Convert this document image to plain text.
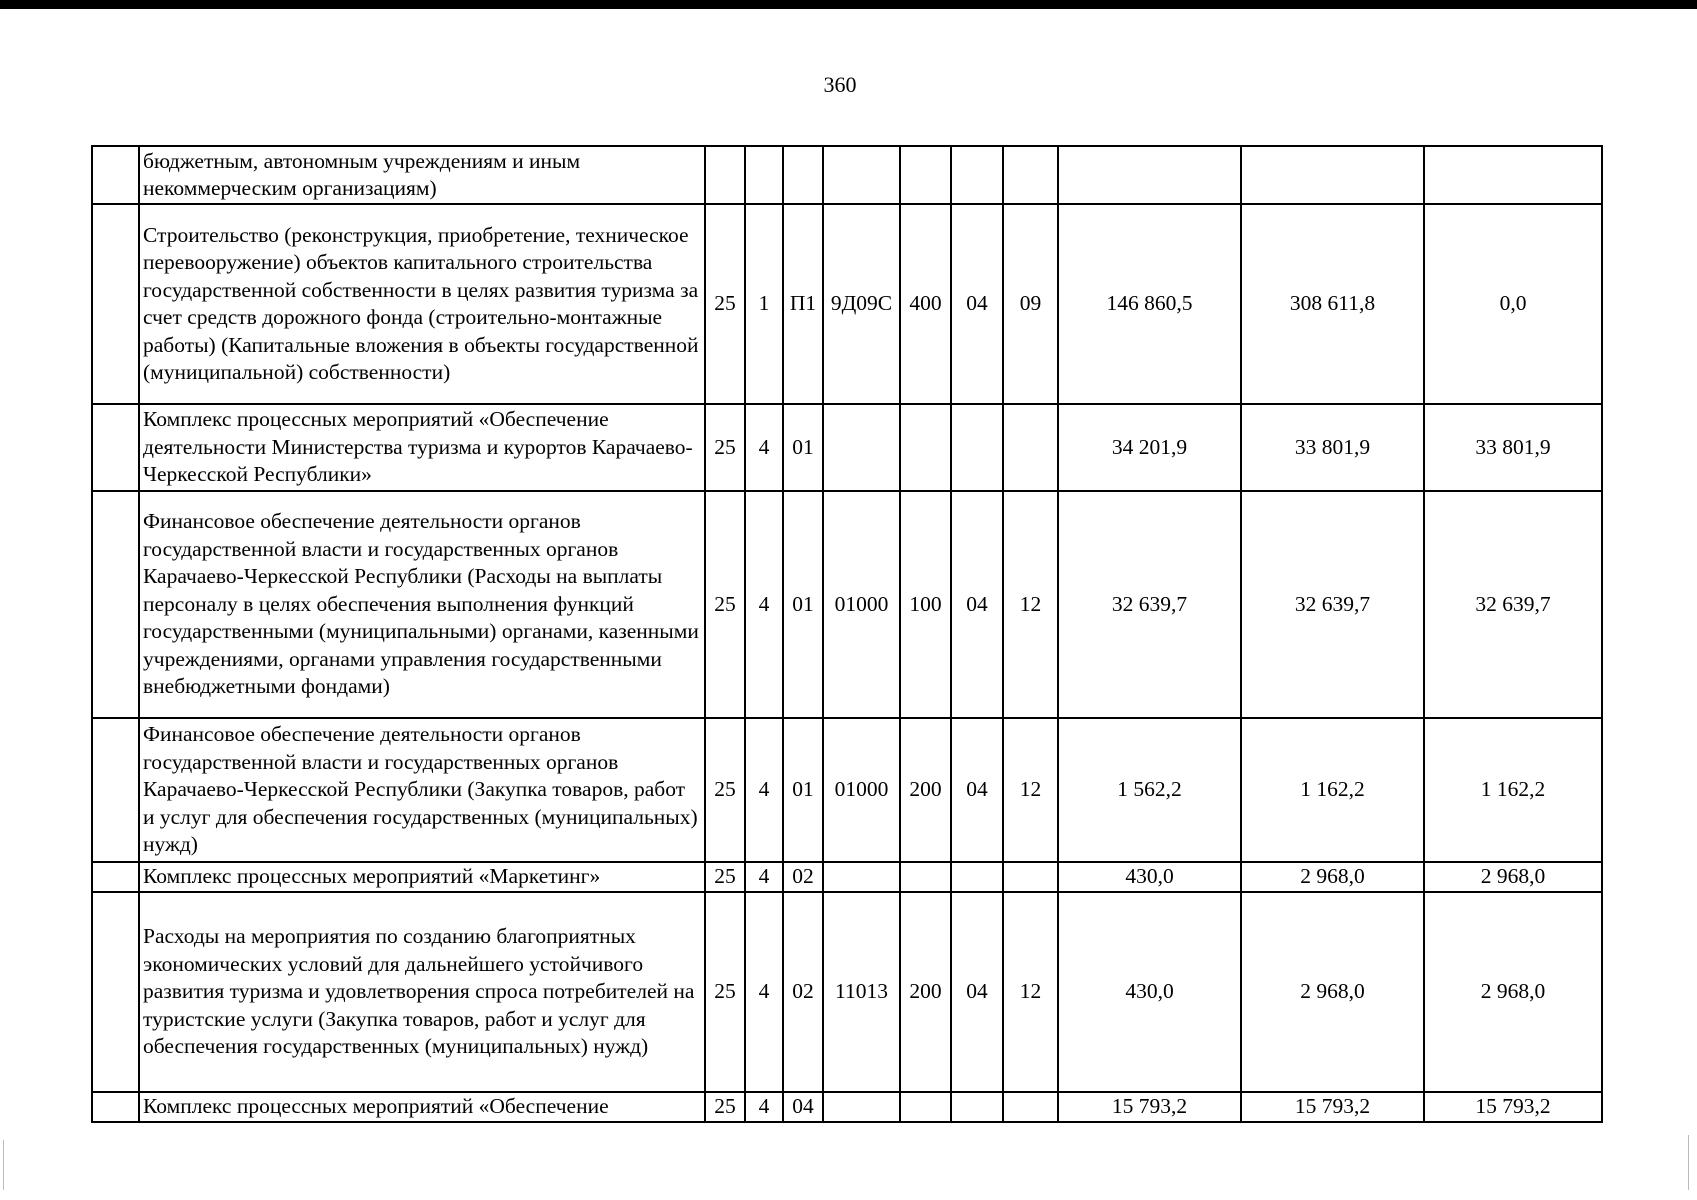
360
	бюджетным, автономным учреждениям и иным некоммерческим организациям)										
	Строительство (реконструкция, приобретение, техническое перевооружение) объектов капитального строительства государственной собственности в целях развития туризма за счет средств дорожного фонда (строительно-монтажные работы) (Капитальные вложения в объекты государственной (муниципальной) собственности)	25	1	П1	9Д09С	400	04	09	146 860,5	308 611,8	0,0
	Комплекс процессных мероприятий «Обеспечение деятельности Министерства туризма и курортов Карачаево-Черкесской Республики»	25	4	01					34 201,9	33 801,9	33 801,9
	Финансовое обеспечение деятельности органов государственной власти и государственных органов Карачаево-Черкесской Республики (Расходы на выплаты персоналу в целях обеспечения выполнения функций государственными (муниципальными) органами, казенными учреждениями, органами управления государственными внебюджетными фондами)	25	4	01	01000	100	04	12	32 639,7	32 639,7	32 639,7
	Финансовое обеспечение деятельности органов государственной власти и государственных органов Карачаево-Черкесской Республики (Закупка товаров, работ и услуг для обеспечения государственных (муниципальных) нужд)	25	4	01	01000	200	04	12	1 562,2	1 162,2	1 162,2
	Комплекс процессных мероприятий «Маркетинг»	25	4	02					430,0	2 968,0	2 968,0
	Расходы на мероприятия по созданию благоприятных экономических условий для дальнейшего устойчивого развития туризма и удовлетворения спроса потребителей на туристские услуги (Закупка товаров, работ и услуг для обеспечения государственных (муниципальных) нужд)	25	4	02	11013	200	04	12	430,0	2 968,0	2 968,0
	Комплекс процессных мероприятий «Обеспечение	25	4	04					15 793,2	15 793,2	15 793,2
